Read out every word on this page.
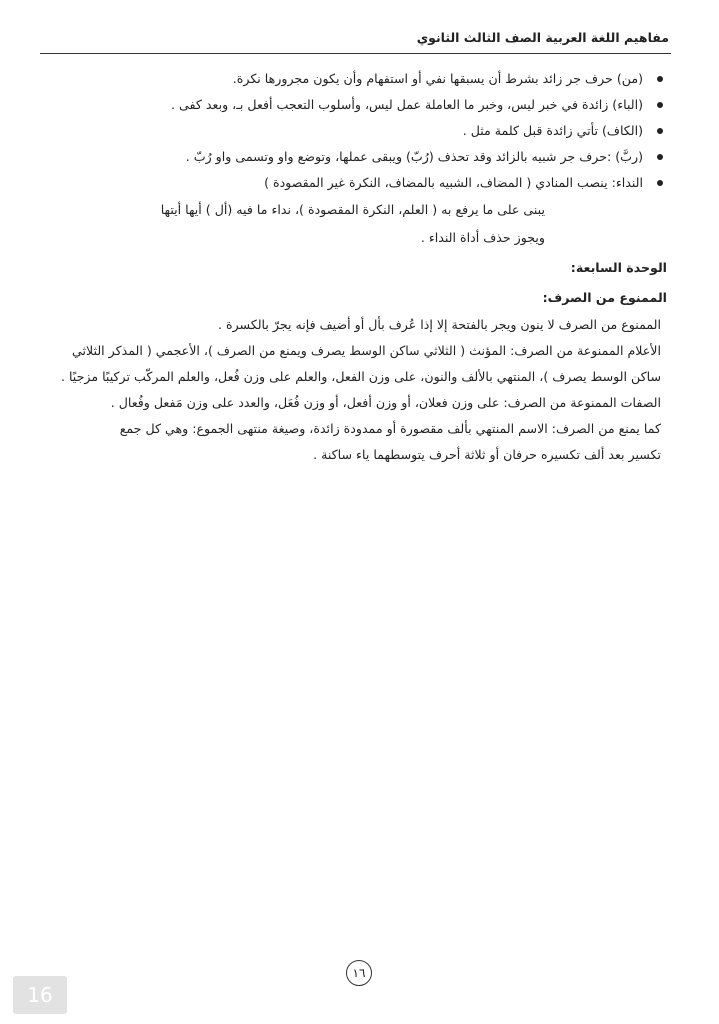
مفاهيم اللغة العربية الصف الثالث الثانوي
(من) حرف جر زائد بشرط أن يسبقها نفي أو استفهام وأن يكون مجرورها نكرة.
(الباء) زائدة في خبر ليس، وخبر ما العاملة عمل ليس، وأسلوب التعجب أفعل بـ، وبعد كفى .
(الكاف) تأتي زائدة قبل كلمة مثل .
(ربَّ) :حرف جر شبيه بالزائد وقد تحذف (رُبّ) ويبقى عملها، وتوضع واو وتسمى واو رُبّ .
النداء: ينصب المنادي ( المضاف، الشبيه بالمضاف، النكرة غير المقصودة )
يبنى على ما يرفع به ( العلم، النكرة المقصودة )، نداء ما فيه (أل ) أيها أيتها
ويجوز حذف أداة النداء .
الوحدة السابعة:
الممنوع من الصرف:
الممنوع من الصرف لا ينون ويجر بالفتحة إلا إذا عُرف بأل أو أضيف فإنه يجرّ بالكسرة .
الأعلام الممنوعة من الصرف: المؤنث ( الثلاثي ساكن الوسط يصرف ويمنع من الصرف )، الأعجمي ( المذكر الثلاثي
ساكن الوسط يصرف )، المنتهي بالألف والنون، على وزن الفعل، والعلم على وزن فُعل، والعلم المركّب تركيبًا مزجيًا .
الصفات الممنوعة من الصرف: على وزن فعلان، أو وزن أفعل، أو وزن فُعَل، والعدد على وزن مَفعل وفُعال .
كما يمنع من الصرف: الاسم المنتهي بألف مقصورة أو ممدودة زائدة، وصيغة منتهى الجموع: وهي كل جمع
تكسير بعد ألف تكسيره حرفان أو ثلاثة أحرف يتوسطهما ياء ساكنة .
١٦
16
